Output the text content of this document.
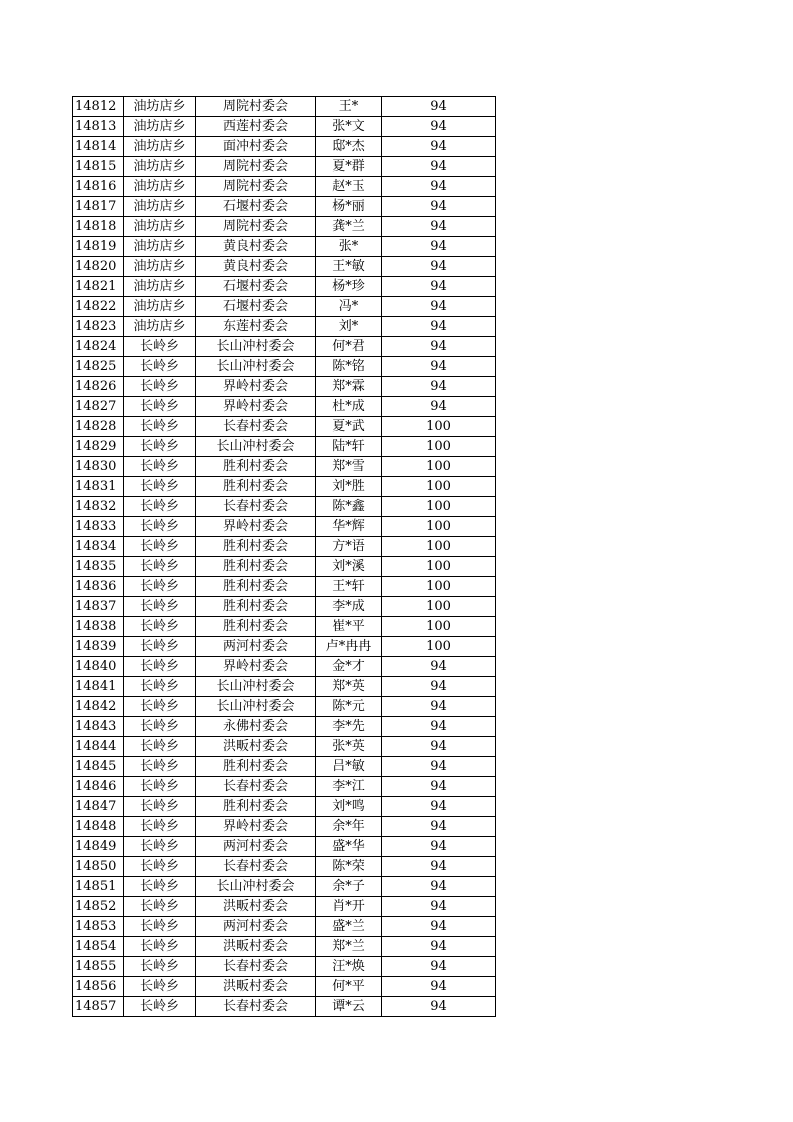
14812	油坊店乡	周院村委会	王*	94
14813	油坊店乡	西莲村委会	张*文	94
14814	油坊店乡	面冲村委会	邸*杰	94
14815	油坊店乡	周院村委会	夏*群	94
14816	油坊店乡	周院村委会	赵*玉	94
14817	油坊店乡	石堰村委会	杨*丽	94
14818	油坊店乡	周院村委会	龚*兰	94
14819	油坊店乡	黄良村委会	张*	94
14820	油坊店乡	黄良村委会	王*敏	94
14821	油坊店乡	石堰村委会	杨*珍	94
14822	油坊店乡	石堰村委会	冯*	94
14823	油坊店乡	东莲村委会	刘*	94
14824	长岭乡	长山冲村委会	何*君	94
14825	长岭乡	长山冲村委会	陈*铭	94
14826	长岭乡	界岭村委会	郑*霖	94
14827	长岭乡	界岭村委会	杜*成	94
14828	长岭乡	长春村委会	夏*武	100
14829	长岭乡	长山冲村委会	陆*轩	100
14830	长岭乡	胜利村委会	郑*雪	100
14831	长岭乡	胜利村委会	刘*胜	100
14832	长岭乡	长春村委会	陈*鑫	100
14833	长岭乡	界岭村委会	华*辉	100
14834	长岭乡	胜利村委会	方*语	100
14835	长岭乡	胜利村委会	刘*溪	100
14836	长岭乡	胜利村委会	王*轩	100
14837	长岭乡	胜利村委会	李*成	100
14838	长岭乡	胜利村委会	崔*平	100
14839	长岭乡	两河村委会	卢*冉冉	100
14840	长岭乡	界岭村委会	金*才	94
14841	长岭乡	长山冲村委会	郑*英	94
14842	长岭乡	长山冲村委会	陈*元	94
14843	长岭乡	永佛村委会	李*先	94
14844	长岭乡	洪畈村委会	张*英	94
14845	长岭乡	胜利村委会	吕*敏	94
14846	长岭乡	长春村委会	李*江	94
14847	长岭乡	胜利村委会	刘*鸣	94
14848	长岭乡	界岭村委会	余*年	94
14849	长岭乡	两河村委会	盛*华	94
14850	长岭乡	长春村委会	陈*荣	94
14851	长岭乡	长山冲村委会	余*子	94
14852	长岭乡	洪畈村委会	肖*开	94
14853	长岭乡	两河村委会	盛*兰	94
14854	长岭乡	洪畈村委会	郑*兰	94
14855	长岭乡	长春村委会	汪*焕	94
14856	长岭乡	洪畈村委会	何*平	94
14857	长岭乡	长春村委会	谭*云	94
